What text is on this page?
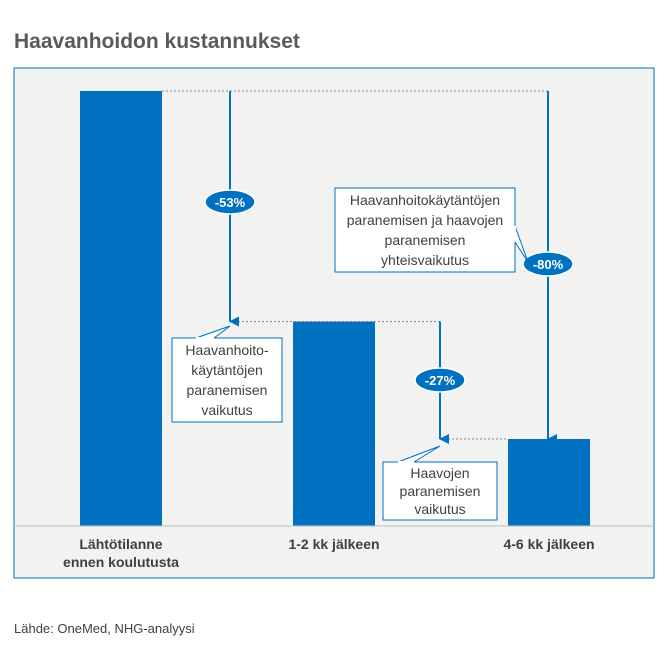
Haavanhoidon kustannukset
Lähtötilanne ennen koulutusta
1-2 kk jälkeen	4-6 kk jälkeen
-53%
-27%
-80%
Haavanhoito-
käytäntöjen
paranemisen
vaikutus
Haavojen
paranemisen
vaikutus
Haavanhoitokäytäntöjen
paranemisen ja haavojen
paranemisen
yhteisvaikutus
Lähde: OneMed, NHG-analyysi
